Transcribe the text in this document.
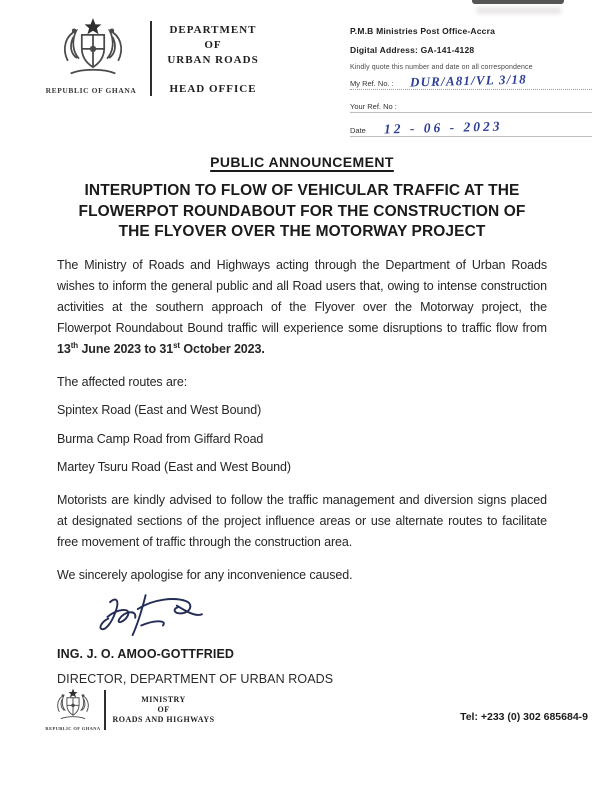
REPUBLIC OF GHANA
DEPARTMENT
OF
URBAN ROADS
HEAD OFFICE
P.M.B Ministries Post Office-Accra
Digital Address: GA-141-4128
Kindly quote this number and date on all correspondence
My Ref. No. :	DUR/A81/VL 3/18
Your Ref. No :
Date	12 - 06 - 2023
PUBLIC ANNOUNCEMENT
INTERUPTION TO FLOW OF VEHICULAR TRAFFIC AT THE
FLOWERPOT ROUNDABOUT FOR THE CONSTRUCTION OF
THE FLYOVER OVER THE MOTORWAY PROJECT

The Ministry of Roads and Highways acting through the Department of Urban Roads wishes to inform the general public and all Road users that, owing to intense construction activities at the southern approach of the Flyover over the Motorway project, the Flowerpot Roundabout Bound traffic will experience some disruptions to traffic flow from 13th June 2023 to 31st October 2023.

The affected routes are:

Spintex Road (East and West Bound)

Burma Camp Road from Giffard Road

Martey Tsuru Road (East and West Bound)

Motorists are kindly advised to follow the traffic management and diversion signs placed at designated sections of the project influence areas or use alternate routes to facilitate free movement of traffic through the construction area.

We sincerely apologise for any inconvenience caused.

ING. J. O. AMOO-GOTTFRIED

DIRECTOR, DEPARTMENT OF URBAN ROADS

REPUBLIC OF GHANA
MINISTRY
OF
ROADS AND HIGHWAYS	Tel: +233 (0) 302 685684-9
